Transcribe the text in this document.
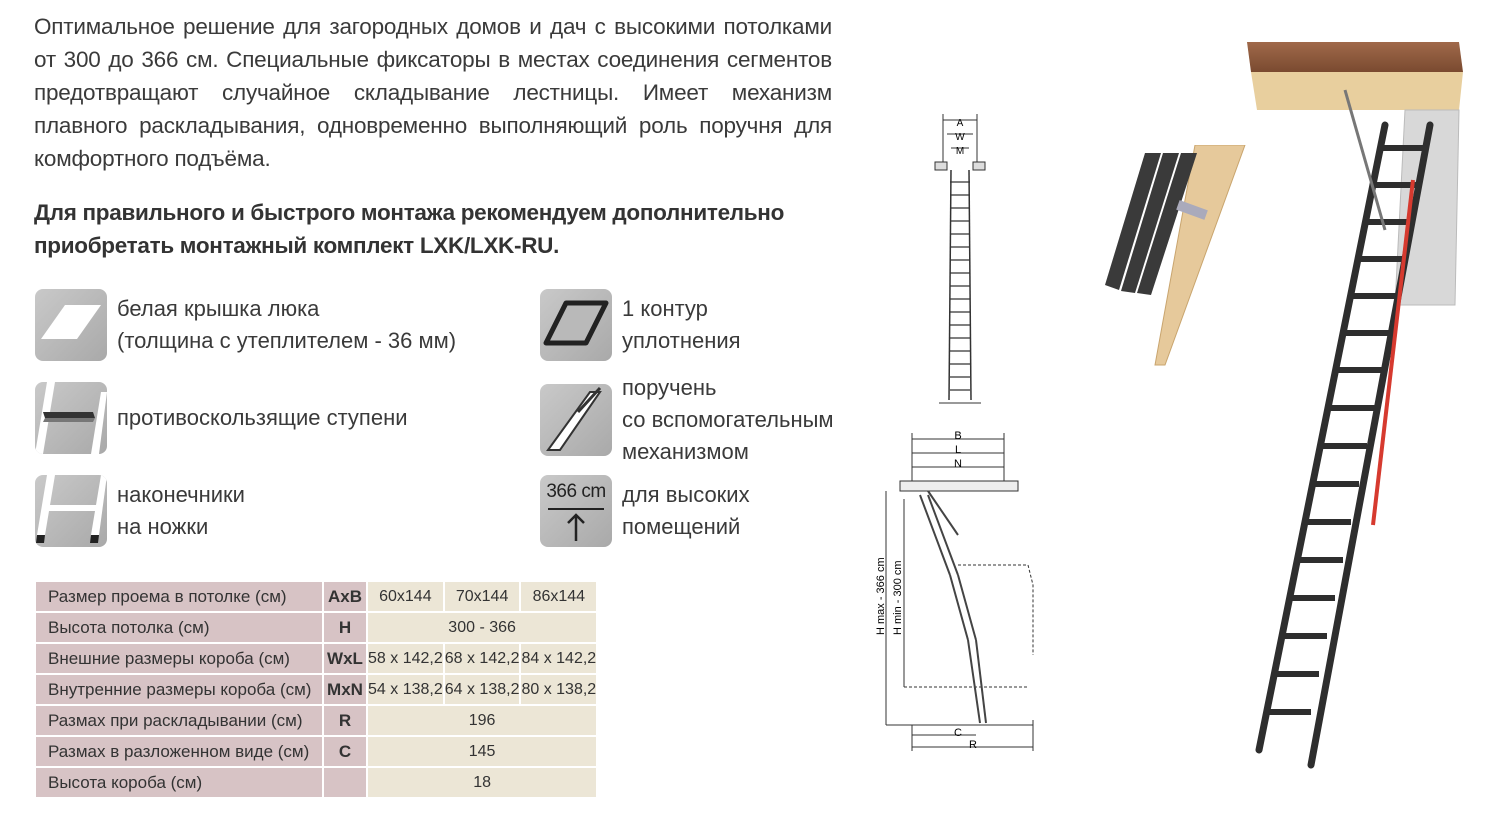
Оптимальное решение для загородных домов и дач с высокими потолками от 300 до 366 см. Специальные фиксаторы в местах соединения сегментов предотвращают случайное складывание лестницы. Имеет механизм плавного раскладывания, одновременно выполняющий роль поручня для комфортного подъёма.

Для правильного и быстрого монтажа рекомендуем дополнительно приобретать монтажный комплект LXK/LXK-RU.

белая крышка люка
(толщина с утеплителем - 36 мм)
1 контур
уплотнения
противоскользящие ступени
поручень
со вспомогательным
механизмом
наконечники
на ножки
366 cm для высоких
помещений
Размер проема в потолке (см)	AxB	60x144	70x144	86x144
Высота потолка (см)	H	300 - 366		
Внешние размеры короба (см)	WxL	58 x 142,2	68 x 142,2	84 x 142,2
Внутренние размеры короба (см)	MxN	54 x 138,2	64 x 138,2	80 x 138,2
Размах при раскладывании (см)	R	196		
Размах в разложенном виде (см)	C	145		
Высота короба (см)		18		
A
W
M
B
L
N
C
R
H max - 366 cm H min - 300 cm
